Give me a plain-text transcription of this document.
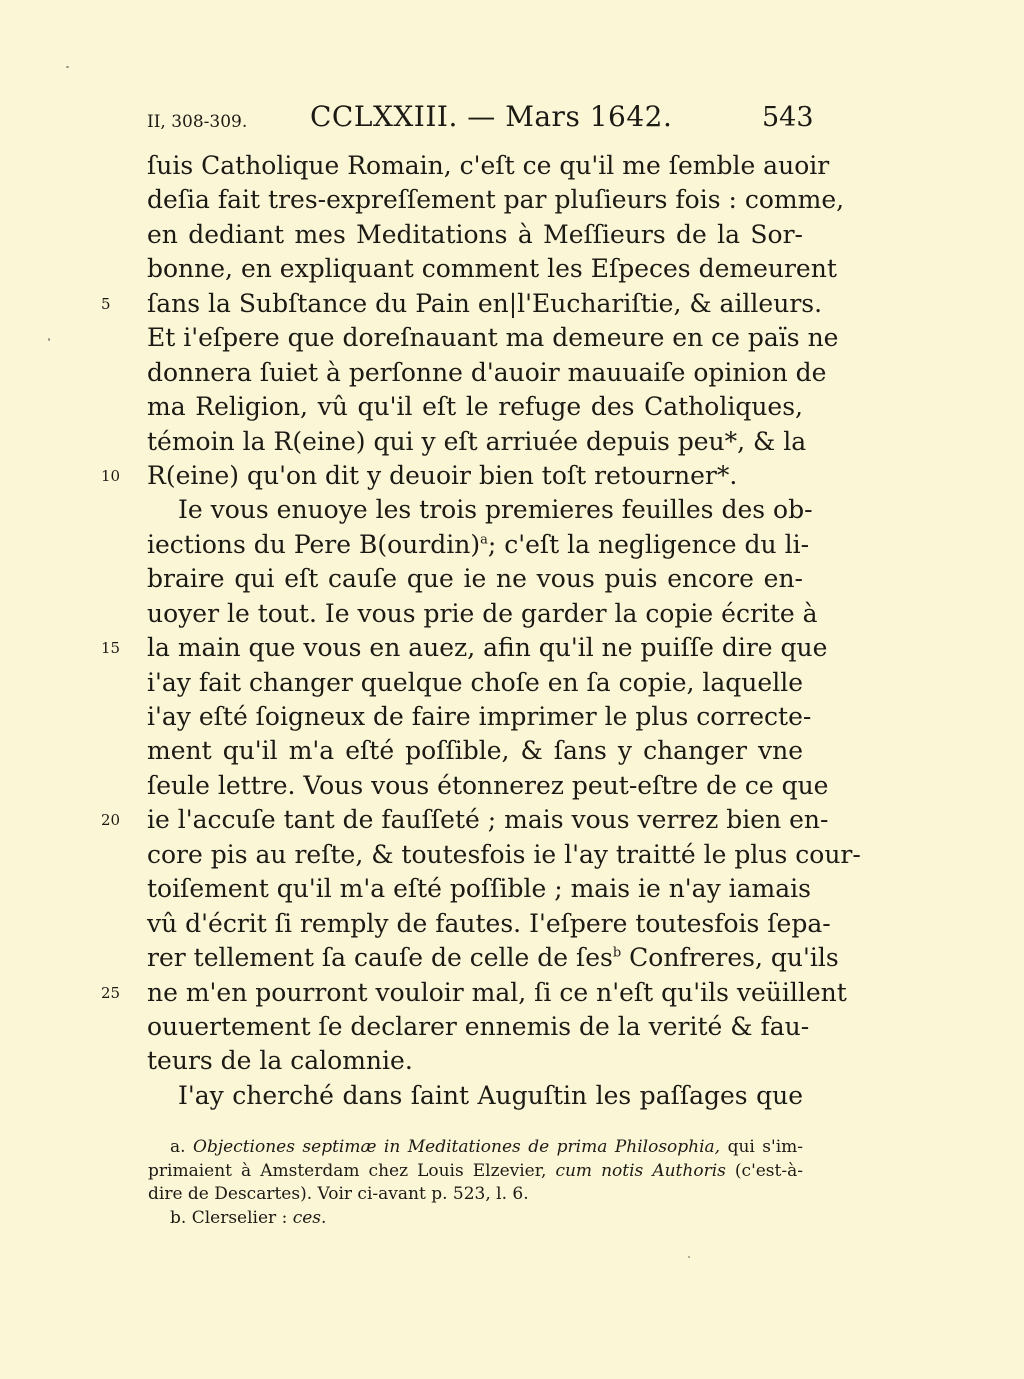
II, 308-309. CCLXXIII. — Mars 1642.	543
ſuis Catholique Romain, c'eſt ce qu'il me ſemble auoir
deſia fait tres-expreſſement par pluſieurs fois : comme,
en dediant mes Meditations à Meſſieurs de la Sor-
bonne, en expliquant comment les Eſpeces demeurent
5	ſans la Subſtance du Pain en|l'Euchariſtie, & ailleurs.
Et i'eſpere que doreſnauant ma demeure en ce païs ne
donnera ſuiet à perſonne d'auoir mauuaiſe opinion de
ma Religion, vû qu'il eſt le refuge des Catholiques,
témoin la R(eine) qui y eſt arriuée depuis peu*, & la
10 R(eine) qu'on dit y deuoir bien toſt retourner*.
Ie vous enuoye les trois premieres feuilles des ob-
iections du Pere B(ourdin)$^a$; c'eſt la negligence du li-
braire qui eſt cauſe que ie ne vous puis encore en-
uoyer le tout. Ie vous prie de garder la copie écrite à
15 la main que vous en auez, afin qu'il ne puiſſe dire que
i'ay fait changer quelque choſe en ſa copie, laquelle
i'ay eſté ſoigneux de faire imprimer le plus correcte-
ment qu'il m'a eſté poſſible, & ſans y changer vne
ſeule lettre. Vous vous étonnerez peut-eſtre de ce que
20 ie l'accuſe tant de fauſſeté ; mais vous verrez bien en-
core pis au reſte, & toutesfois ie l'ay traitté le plus cour-
toiſement qu'il m'a eſté poſſible ; mais ie n'ay iamais
vû d'écrit ſi remply de fautes. I'eſpere toutesfois ſepa-
rer tellement ſa cauſe de celle de ſes$^b$ Confreres, qu'ils
25 ne m'en pourront vouloir mal, ſi ce n'eſt qu'ils veüillent
ouuertement ſe declarer ennemis de la verité & fau-
teurs de la calomnie.
I'ay cherché dans ſaint Auguſtin les paſſages que
a. Objectiones septimæ in Meditationes de prima Philosophia, qui s'im-
primaient à Amsterdam chez Louis Elzevier, cum notis Authoris (c'est-à-
dire de Descartes). Voir ci-avant p. 523, l. 6.
b. Clerselier : ces.
